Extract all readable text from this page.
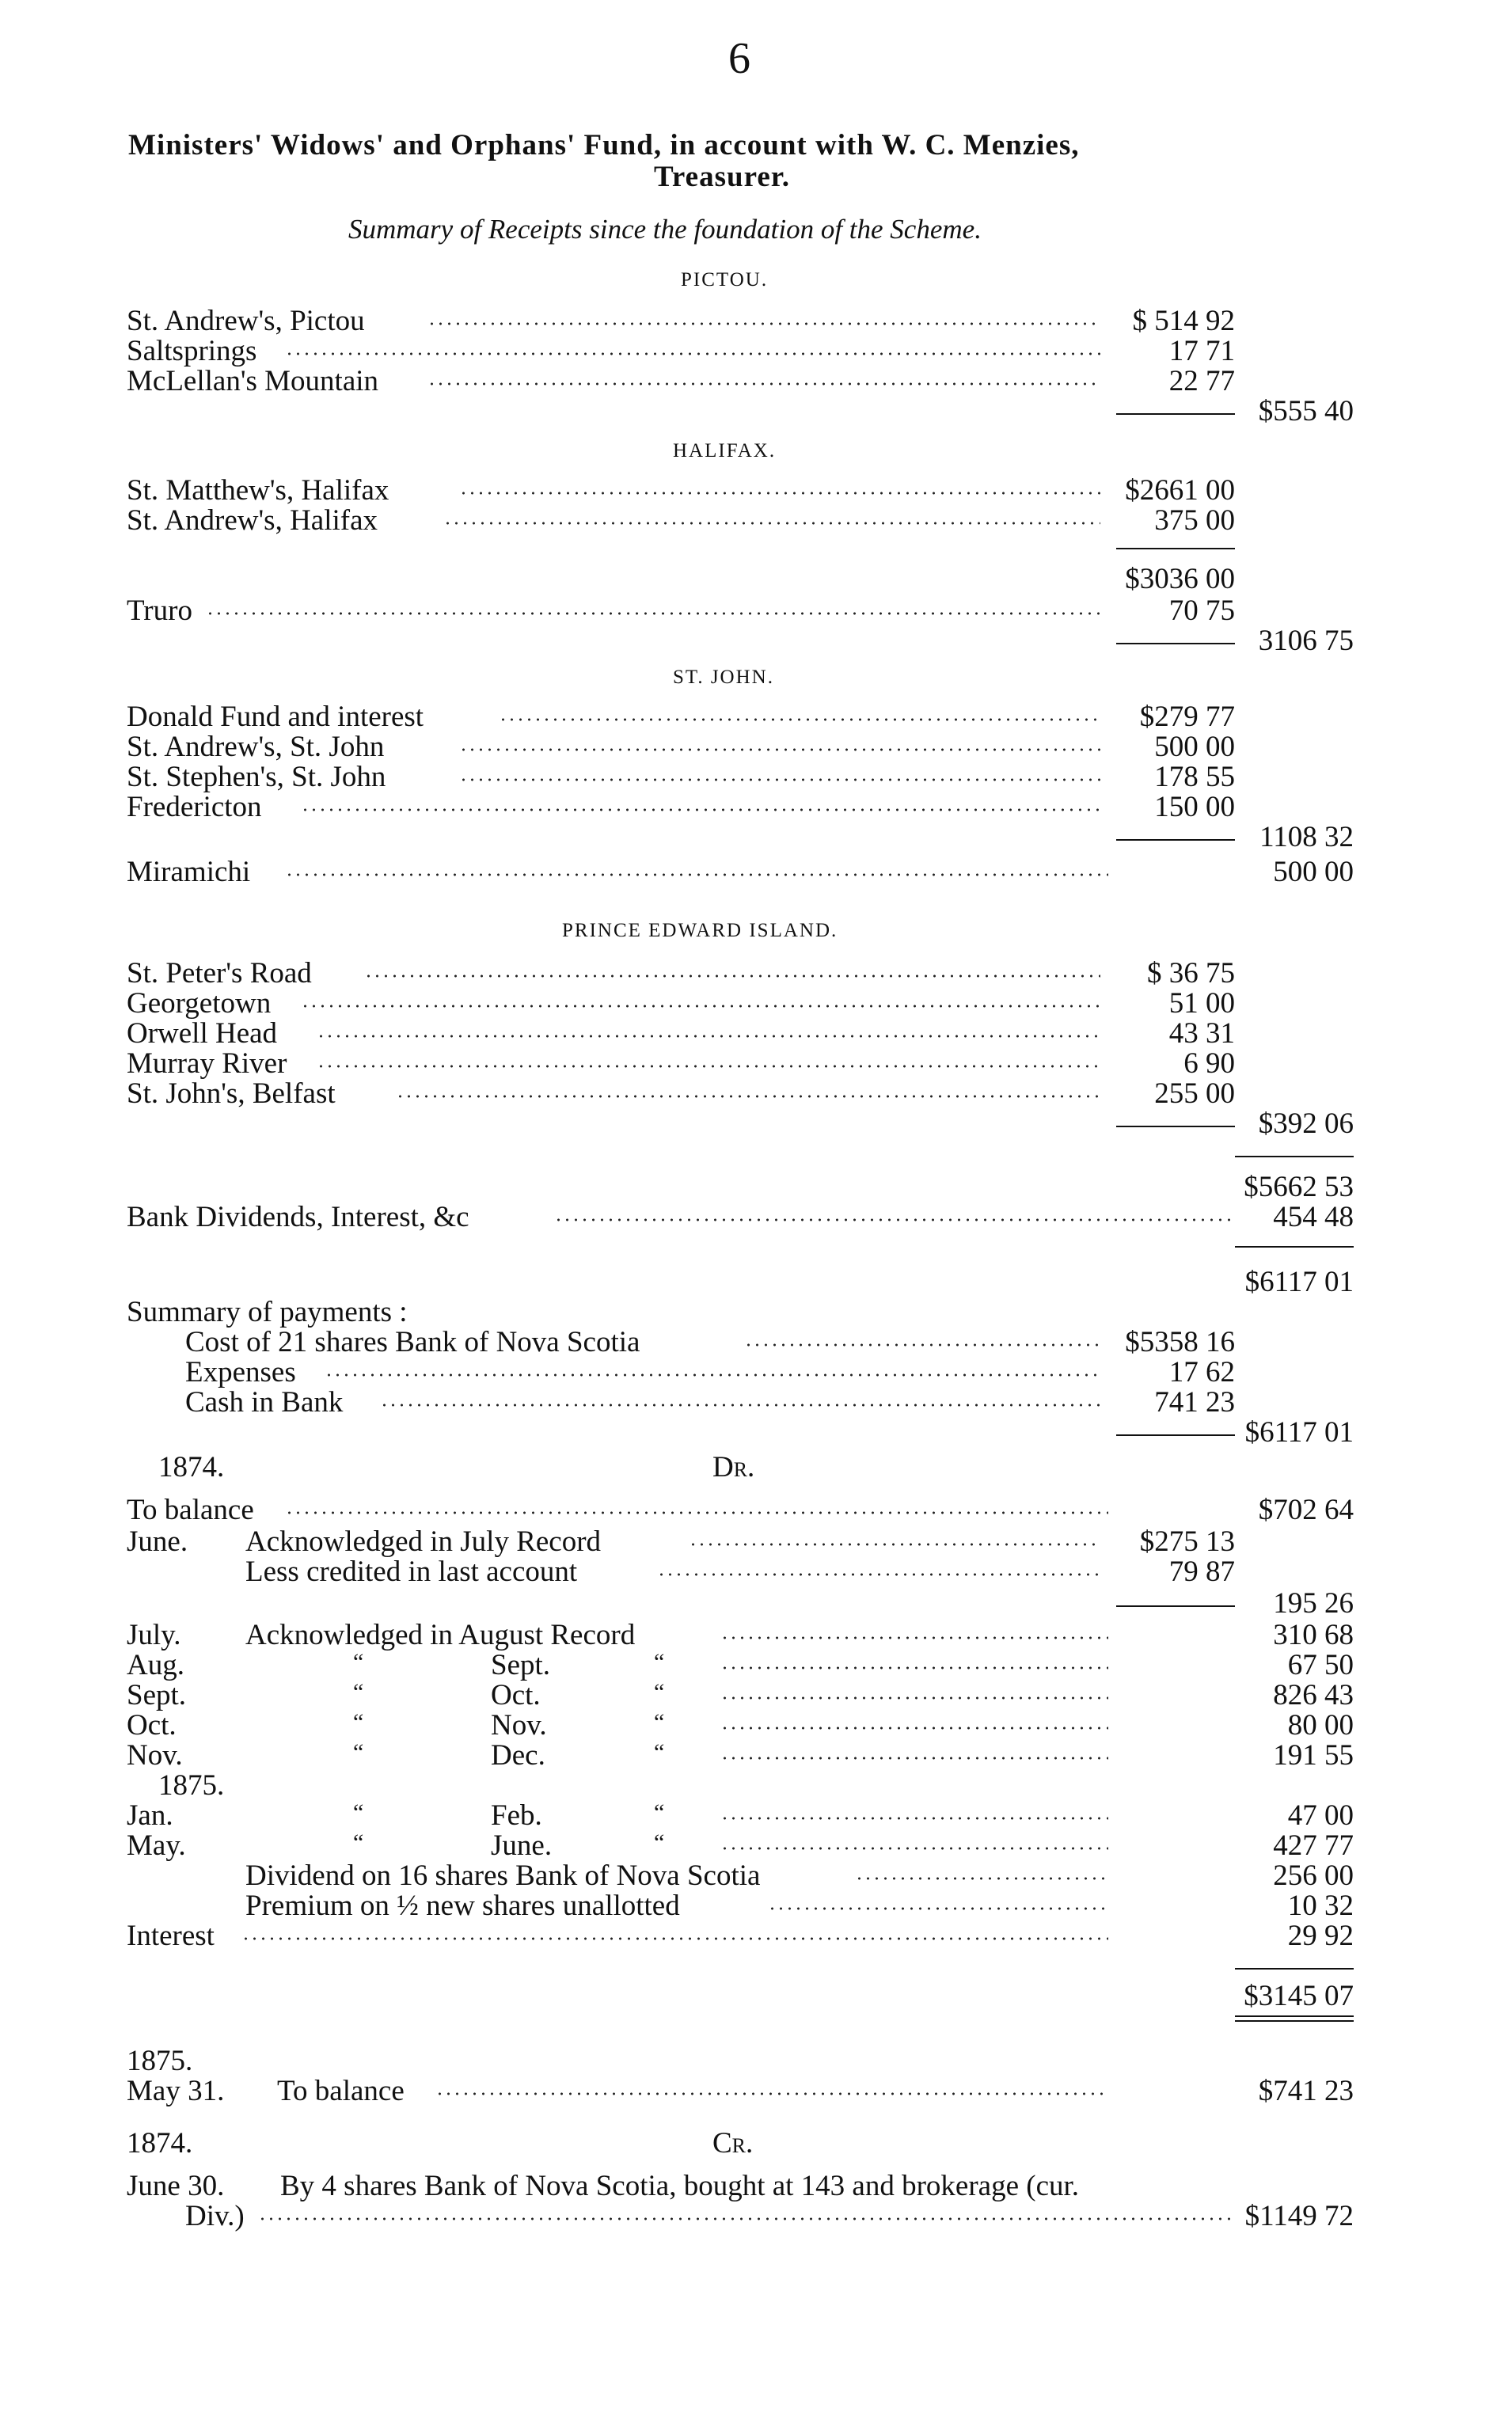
6
Ministers' Widows' and Orphans' Fund, in account with W. C. Menzies,
Treasurer.
Summary of Receipts since the foundation of the Scheme.
PICTOU.
St. Andrew's, Pictou	$ 514 92
Saltsprings	17 71
McLellan's Mountain	22 77
$555 40
HALIFAX.
St. Matthew's, Halifax	$2661 00
St. Andrew's, Halifax	375 00
$3036 00
Truro	70 75
3106 75
ST. JOHN.
Donald Fund and interest	$279 77
St. Andrew's, St. John	500 00
St. Stephen's, St. John	178 55
Fredericton	150 00
1108 32
Miramichi	500 00
PRINCE EDWARD ISLAND.
St. Peter's Road	$ 36 75
Georgetown	51 00
Orwell Head	43 31
Murray River	6 90
St. John's, Belfast	255 00
$392 06
$5662 53
Bank Dividends, Interest, &c	454 48
$6117 01
Summary of payments :
Cost of 21 shares Bank of Nova Scotia	$5358 16
Expenses	17 62
Cash in Bank	741 23
$6117 01
1874.	Dr.
To balance	$702 64
June. Acknowledged in July Record	$275 13
Less credited in last account	79 87
195 26
July. Acknowledged in August Record	310 68
Aug.	“	Sept.	“	67 50
Sept.	“	Oct.	“	826 43
Oct.	“	Nov.	“	80 00
Nov.	“	Dec.	“	191 55
1875.
Jan.	“	Feb.	“	47 00
May.	“	June.	“	427 77
Dividend on 16 shares Bank of Nova Scotia	256 00
Premium on ½ new shares unallotted	10 32
Interest	29 92
$3145 07
1875.
May 31. To balance	$741 23
1874.	Cr.
June 30. By 4 shares Bank of Nova Scotia, bought at 143 and brokerage (cur.
Div.)	$1149 72
